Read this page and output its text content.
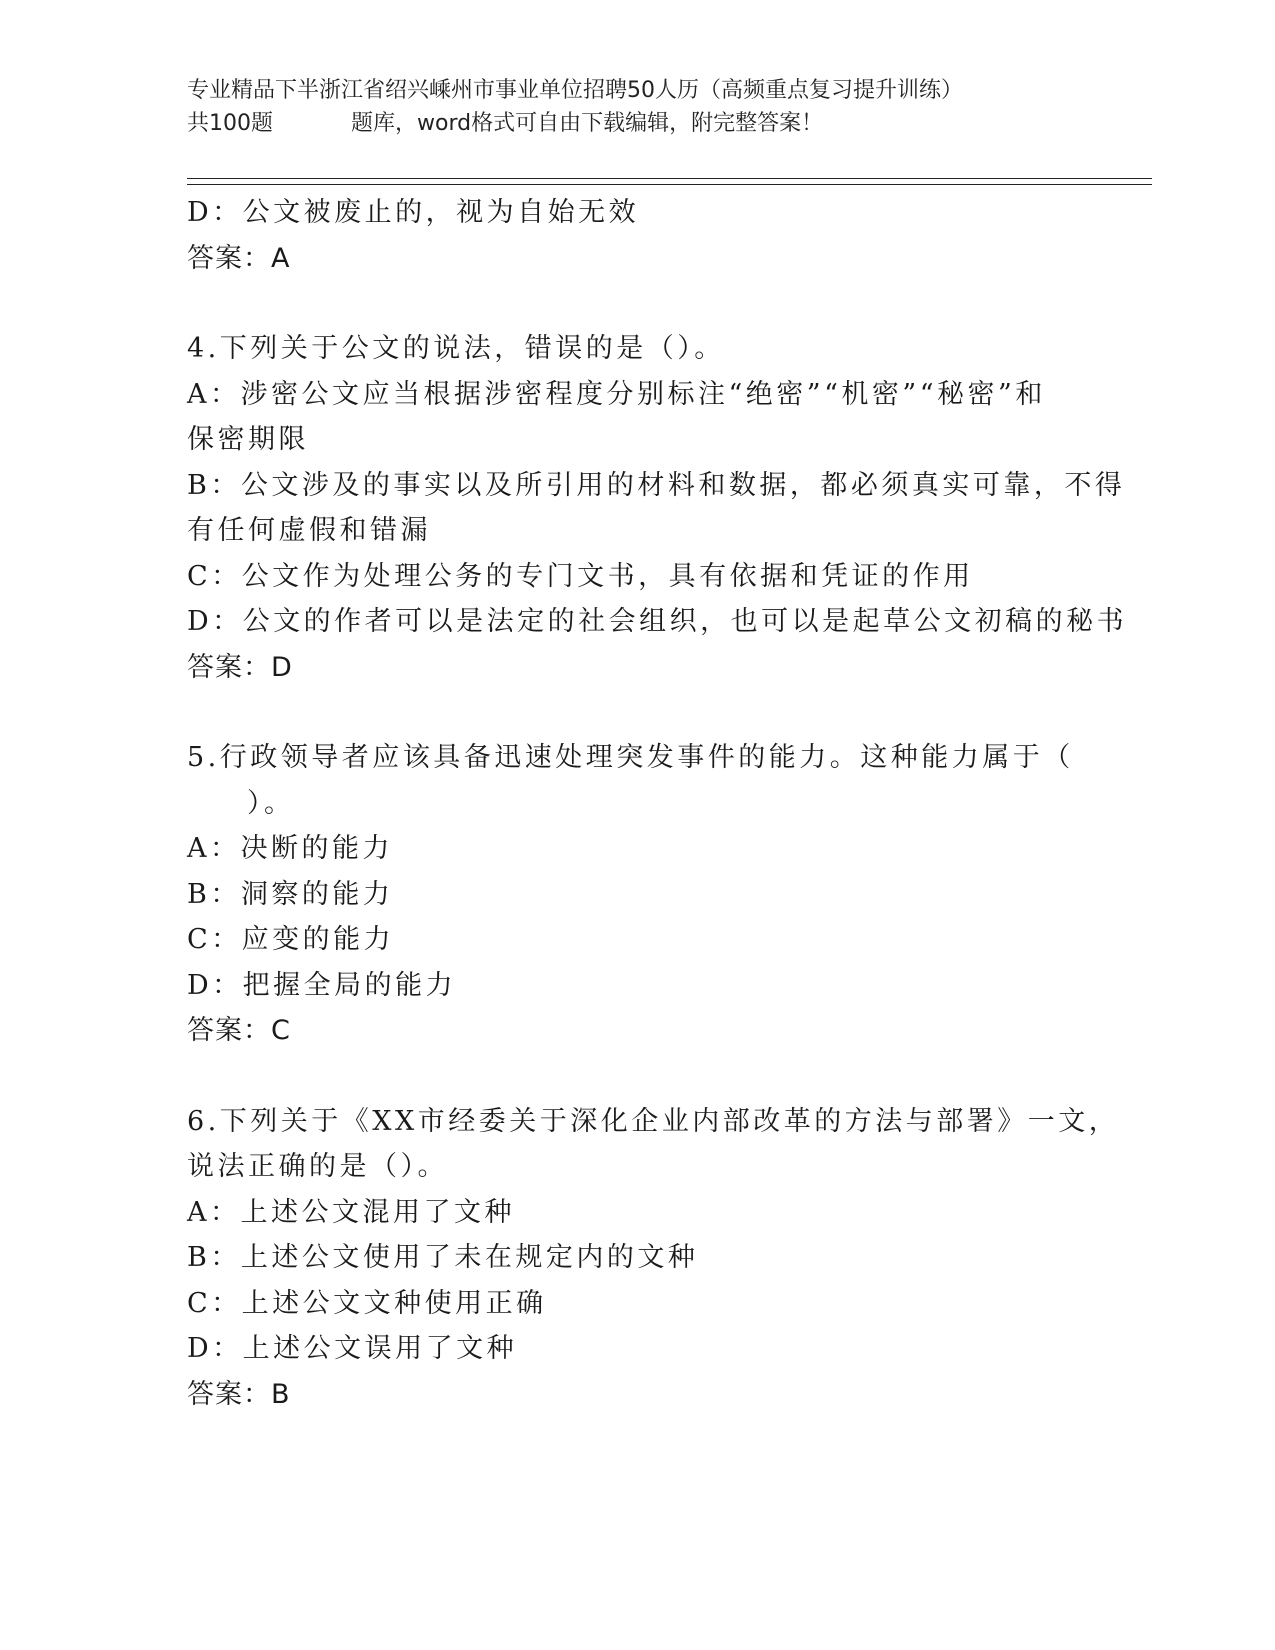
专业精品下半浙江省绍兴嵊州市事业单位招聘50人历（高频重点复习提升训练）
共100题	题库，word格式可自由下载编辑，附完整答案！
D：公文被废止的，视为自始无效
答案：A
4.下列关于公文的说法，错误的是（）。
A：涉密公文应当根据涉密程度分别标注“绝密”“机密”“秘密”和
保密期限
B：公文涉及的事实以及所引用的材料和数据，都必须真实可靠，不得
有任何虚假和错漏
C：公文作为处理公务的专门文书，具有依据和凭证的作用
D：公文的作者可以是法定的社会组织，也可以是起草公文初稿的秘书
答案：D
5.行政领导者应该具备迅速处理突发事件的能力。这种能力属于（
）。
A：决断的能力
B：洞察的能力
C：应变的能力
D：把握全局的能力
答案：C
6.下列关于《XX市经委关于深化企业内部改革的方法与部署》一文，
说法正确的是（）。
A：上述公文混用了文种
B：上述公文使用了未在规定内的文种
C：上述公文文种使用正确
D：上述公文误用了文种
答案：B
